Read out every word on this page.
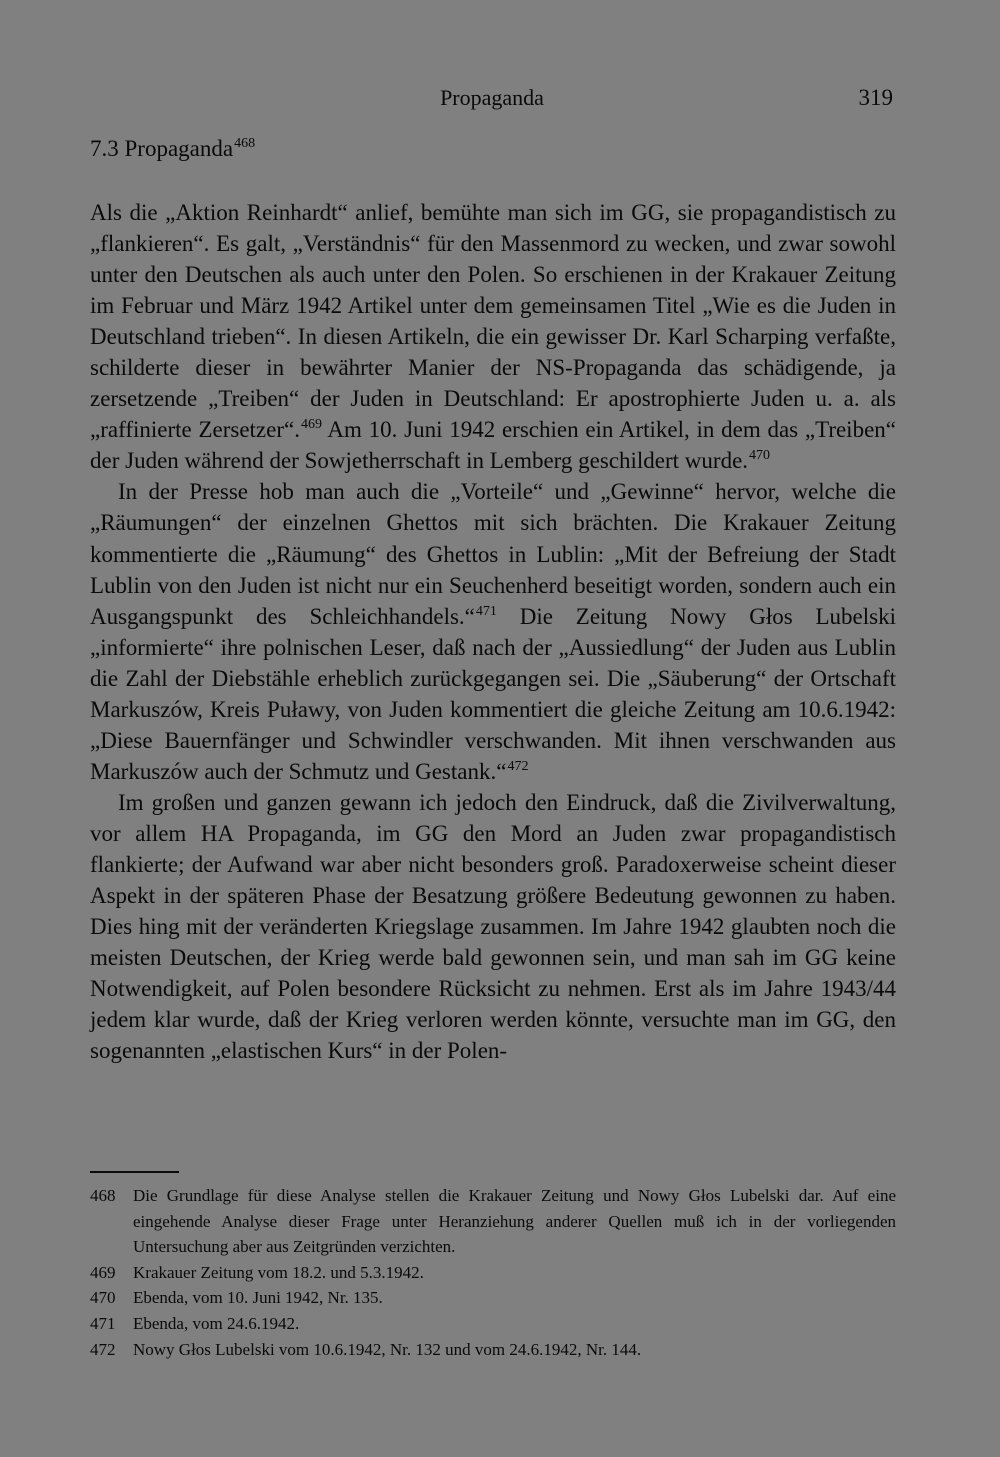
Propaganda	319
7.3 Propaganda$^{468}$

Als die „Aktion Reinhardt“ anlief, bemühte man sich im GG, sie propagandistisch zu „flankieren“. Es galt, „Verständnis“ für den Massenmord zu wecken, und zwar sowohl unter den Deutschen als auch unter den Polen. So erschienen in der Krakauer Zeitung im Februar und März 1942 Artikel unter dem gemeinsamen Titel „Wie es die Juden in Deutschland trieben“. In diesen Artikeln, die ein gewisser Dr. Karl Scharping verfaßte, schilderte dieser in bewährter Manier der NS-Propaganda das schädigende, ja zersetzende „Treiben“ der Juden in Deutschland: Er apostrophierte Juden u. a. als „raffinierte Zersetzer“.$^{469}$ Am 10. Juni 1942 erschien ein Artikel, in dem das „Treiben“ der Juden während der Sowjetherrschaft in Lemberg geschildert wurde.$^{470}$

In der Presse hob man auch die „Vorteile“ und „Gewinne“ hervor, welche die „Räumungen“ der einzelnen Ghettos mit sich brächten. Die Krakauer Zeitung kommentierte die „Räumung“ des Ghettos in Lublin: „Mit der Befreiung der Stadt Lublin von den Juden ist nicht nur ein Seuchenherd beseitigt worden, sondern auch ein Ausgangspunkt des Schleichhandels.“$^{471}$ Die Zeitung Nowy Głos Lubelski „informierte“ ihre polnischen Leser, daß nach der „Aussiedlung“ der Juden aus Lublin die Zahl der Diebstähle erheblich zurückgegangen sei. Die „Säuberung“ der Ortschaft Markuszów, Kreis Puławy, von Juden kommentiert die gleiche Zeitung am 10.6.1942: „Diese Bauernfänger und Schwindler verschwanden. Mit ihnen verschwanden aus Markuszów auch der Schmutz und Gestank.“$^{472}$

Im großen und ganzen gewann ich jedoch den Eindruck, daß die Zivilverwaltung, vor allem HA Propaganda, im GG den Mord an Juden zwar propagandistisch flankierte; der Aufwand war aber nicht besonders groß. Paradoxerweise scheint dieser Aspekt in der späteren Phase der Besatzung größere Bedeutung gewonnen zu haben. Dies hing mit der veränderten Kriegslage zusammen. Im Jahre 1942 glaubten noch die meisten Deutschen, der Krieg werde bald gewonnen sein, und man sah im GG keine Notwendigkeit, auf Polen besondere Rücksicht zu nehmen. Erst als im Jahre 1943/44 jedem klar wurde, daß der Krieg verloren werden könnte, versuchte man im GG, den sogenannten „elastischen Kurs“ in der Polen-

468 Die Grundlage für diese Analyse stellen die Krakauer Zeitung und Nowy Głos Lubelski dar. Auf eine eingehende Analyse dieser Frage unter Heranziehung anderer Quellen muß ich in der vorliegenden Untersuchung aber aus Zeitgründen verzichten.
469 Krakauer Zeitung vom 18.2. und 5.3.1942.
470 Ebenda, vom 10. Juni 1942, Nr. 135.
471 Ebenda, vom 24.6.1942.
472 Nowy Głos Lubelski vom 10.6.1942, Nr. 132 und vom 24.6.1942, Nr. 144.
